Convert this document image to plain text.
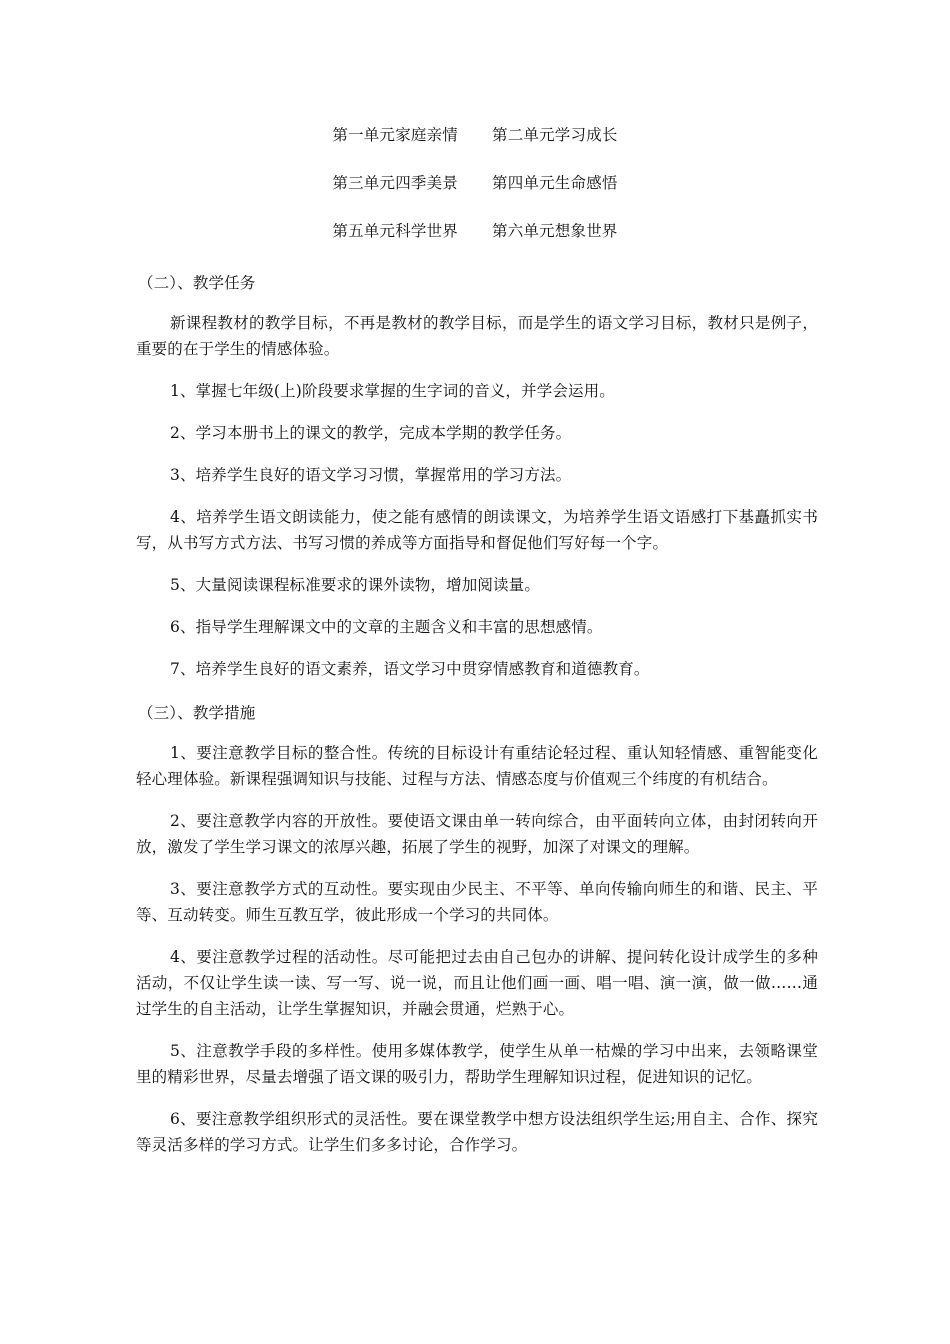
第一单元家庭亲情 第二单元学习成长
第三单元四季美景 第四单元生命感悟
第五单元科学世界 第六单元想象世界

（二）、教学任务

新课程教材的教学目标，不再是教材的教学目标，而是学生的语文学习目标，教材只是例子，重要的在于学生的情感体验。

1、掌握七年级(上)阶段要求掌握的生字词的音义，并学会运用。

2、学习本册书上的课文的教学，完成本学期的教学任务。

3、培养学生良好的语文学习习惯，掌握常用的学习方法。

4、培养学生语文朗读能力，使之能有感情的朗读课文，为培养学生语文语感打下基矗抓实书写，从书写方式方法、书写习惯的养成等方面指导和督促他们写好每一个字。

5、大量阅读课程标准要求的课外读物，增加阅读量。

6、指导学生理解课文中的文章的主题含义和丰富的思想感情。

7、培养学生良好的语文素养，语文学习中贯穿情感教育和道德教育。

（三）、教学措施

1、要注意教学目标的整合性。传统的目标设计有重结论轻过程、重认知轻情感、重智能变化轻心理体验。新课程强调知识与技能、过程与方法、情感态度与价值观三个纬度的有机结合。

2、要注意教学内容的开放性。要使语文课由单一转向综合，由平面转向立体，由封闭转向开放，激发了学生学习课文的浓厚兴趣，拓展了学生的视野，加深了对课文的理解。

3、要注意教学方式的互动性。要实现由少民主、不平等、单向传输向师生的和谐、民主、平等、互动转变。师生互教互学，彼此形成一个学习的共同体。

4、要注意教学过程的活动性。尽可能把过去由自己包办的讲解、提问转化设计成学生的多种活动，不仅让学生读一读、写一写、说一说，而且让他们画一画、唱一唱、演一演，做一做……通过学生的自主活动，让学生掌握知识，并融会贯通，烂熟于心。

5、注意教学手段的多样性。使用多媒体教学，使学生从单一枯燥的学习中出来，去领略课堂里的精彩世界，尽量去增强了语文课的吸引力，帮助学生理解知识过程，促进知识的记忆。

6、要注意教学组织形式的灵活性。要在课堂教学中想方设法组织学生运;用自主、合作、探究等灵活多样的学习方式。让学生们多多讨论，合作学习。
